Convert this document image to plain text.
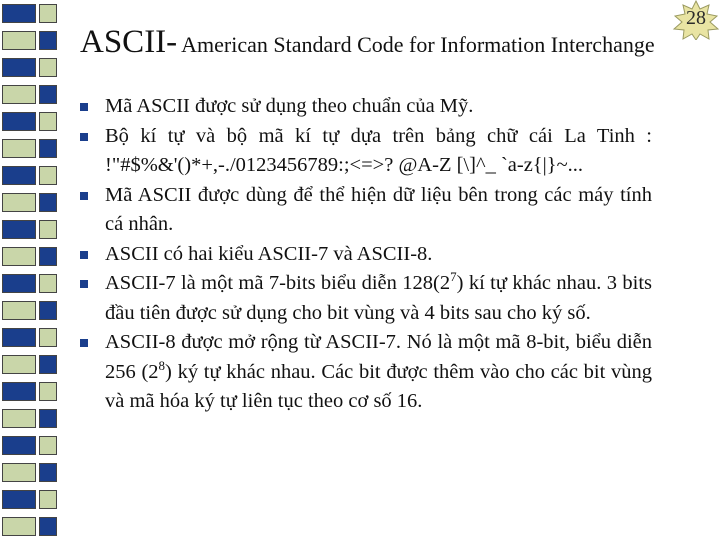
28
ASCII- American Standard Code for Information Interchange
Mã ASCII được sử dụng theo chuẩn của Mỹ.
Bộ kí tự và bộ mã kí tự dựa trên bảng chữ cái La Tinh : !"#$%&'()*+,-./0123456789:;<=>? @A-Z [\]^_ `a-z{|}~...
Mã ASCII được dùng để thể hiện dữ liệu bên trong các máy tính cá nhân.
ASCII có hai kiểu ASCII-7 và ASCII-8.
ASCII-7 là một mã 7-bits biểu diễn $128(2^7)$ kí tự khác nhau. 3 bits đầu tiên được sử dụng cho bit vùng và 4 bits sau cho ký số.
ASCII-8 được mở rộng từ ASCII-7. Nó là một mã 8-bit, biểu diễn 256 $(2^8)$ ký tự khác nhau. Các bit được thêm vào cho các bit vùng và mã hóa ký tự liên tục theo cơ số 16.
